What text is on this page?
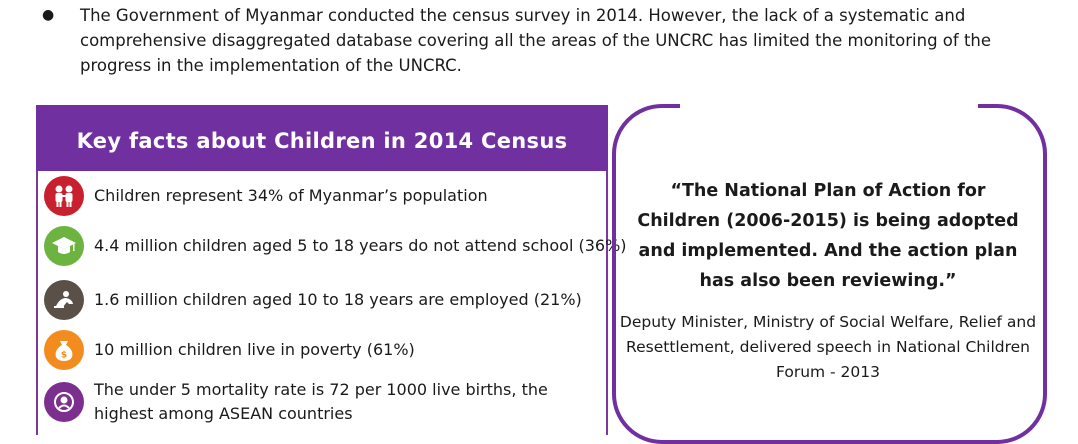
●	The Government of Myanmar conducted the census survey in 2014. However, the lack of a systematic and comprehensive disaggregated database covering all the areas of the UNCRC has limited the monitoring of the progress in the implementation of the UNCRC.
Key facts about Children in 2014 Census
Children represent 34% of Myanmar’s population
4.4 million children aged 5 to 18 years do not attend school (36%)
1.6 million children aged 10 to 18 years are employed (21%)
$ 10 million children live in poverty (61%)
The under 5 mortality rate is 72 per 1000 live births, the highest among ASEAN countries
“The National Plan of Action for Children (2006-2015) is being adopted and implemented. And the action plan has also been reviewing.”
Deputy Minister, Ministry of Social Welfare, Relief and Resettlement, delivered speech in National Children Forum - 2013
